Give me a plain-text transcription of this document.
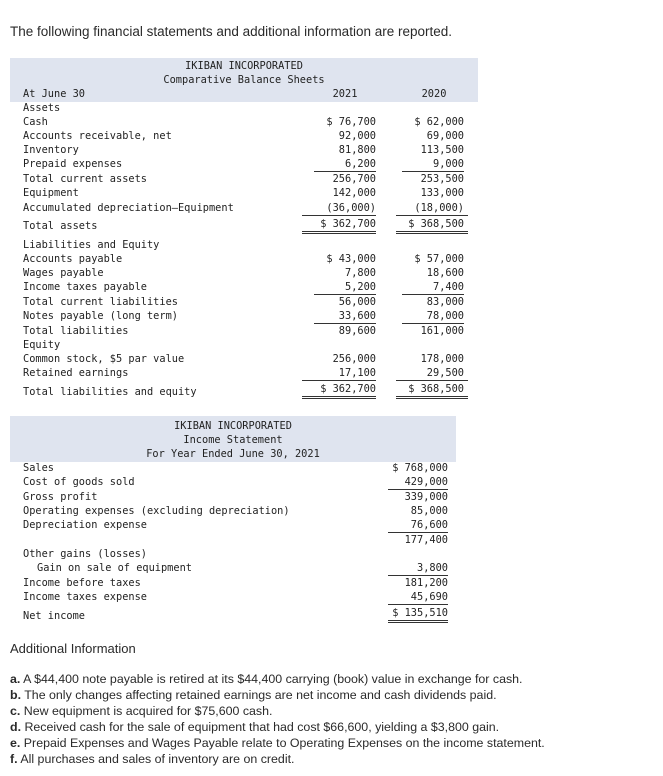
The following financial statements and additional information are reported.
IKIBAN INCORPORATED
Comparative Balance Sheets
At June 30	2021	2020
Assets
Cash	$ 76,700	$ 62,000
Accounts receivable, net	92,000	69,000
Inventory	81,800	113,500
Prepaid expenses	6,200	9,000
Total current assets	256,700	253,500
Equipment	142,000	133,000
Accumulated depreciation—Equipment	(36,000)	(18,000)
Total assets	$ 362,700	$ 368,500
Liabilities and Equity
Accounts payable	$ 43,000	$ 57,000
Wages payable	7,800	18,600
Income taxes payable	5,200	7,400
Total current liabilities	56,000	83,000
Notes payable (long term)	33,600	78,000
Total liabilities	89,600	161,000
Equity
Common stock, $5 par value	256,000	178,000
Retained earnings	17,100	29,500
Total liabilities and equity	$ 362,700	$ 368,500
IKIBAN INCORPORATED
Income Statement
For Year Ended June 30, 2021
Sales	$ 768,000
Cost of goods sold	429,000
Gross profit	339,000
Operating expenses (excluding depreciation)	85,000
Depreciation expense	76,600
177,400
Other gains (losses)
Gain on sale of equipment	3,800
Income before taxes	181,200
Income taxes expense	45,690
Net income	$ 135,510
Additional Information
a. A $44,400 note payable is retired at its $44,400 carrying (book) value in exchange for cash.
b. The only changes affecting retained earnings are net income and cash dividends paid.
c. New equipment is acquired for $75,600 cash.
d. Received cash for the sale of equipment that had cost $66,600, yielding a $3,800 gain.
e. Prepaid Expenses and Wages Payable relate to Operating Expenses on the income statement.
f. All purchases and sales of inventory are on credit.
